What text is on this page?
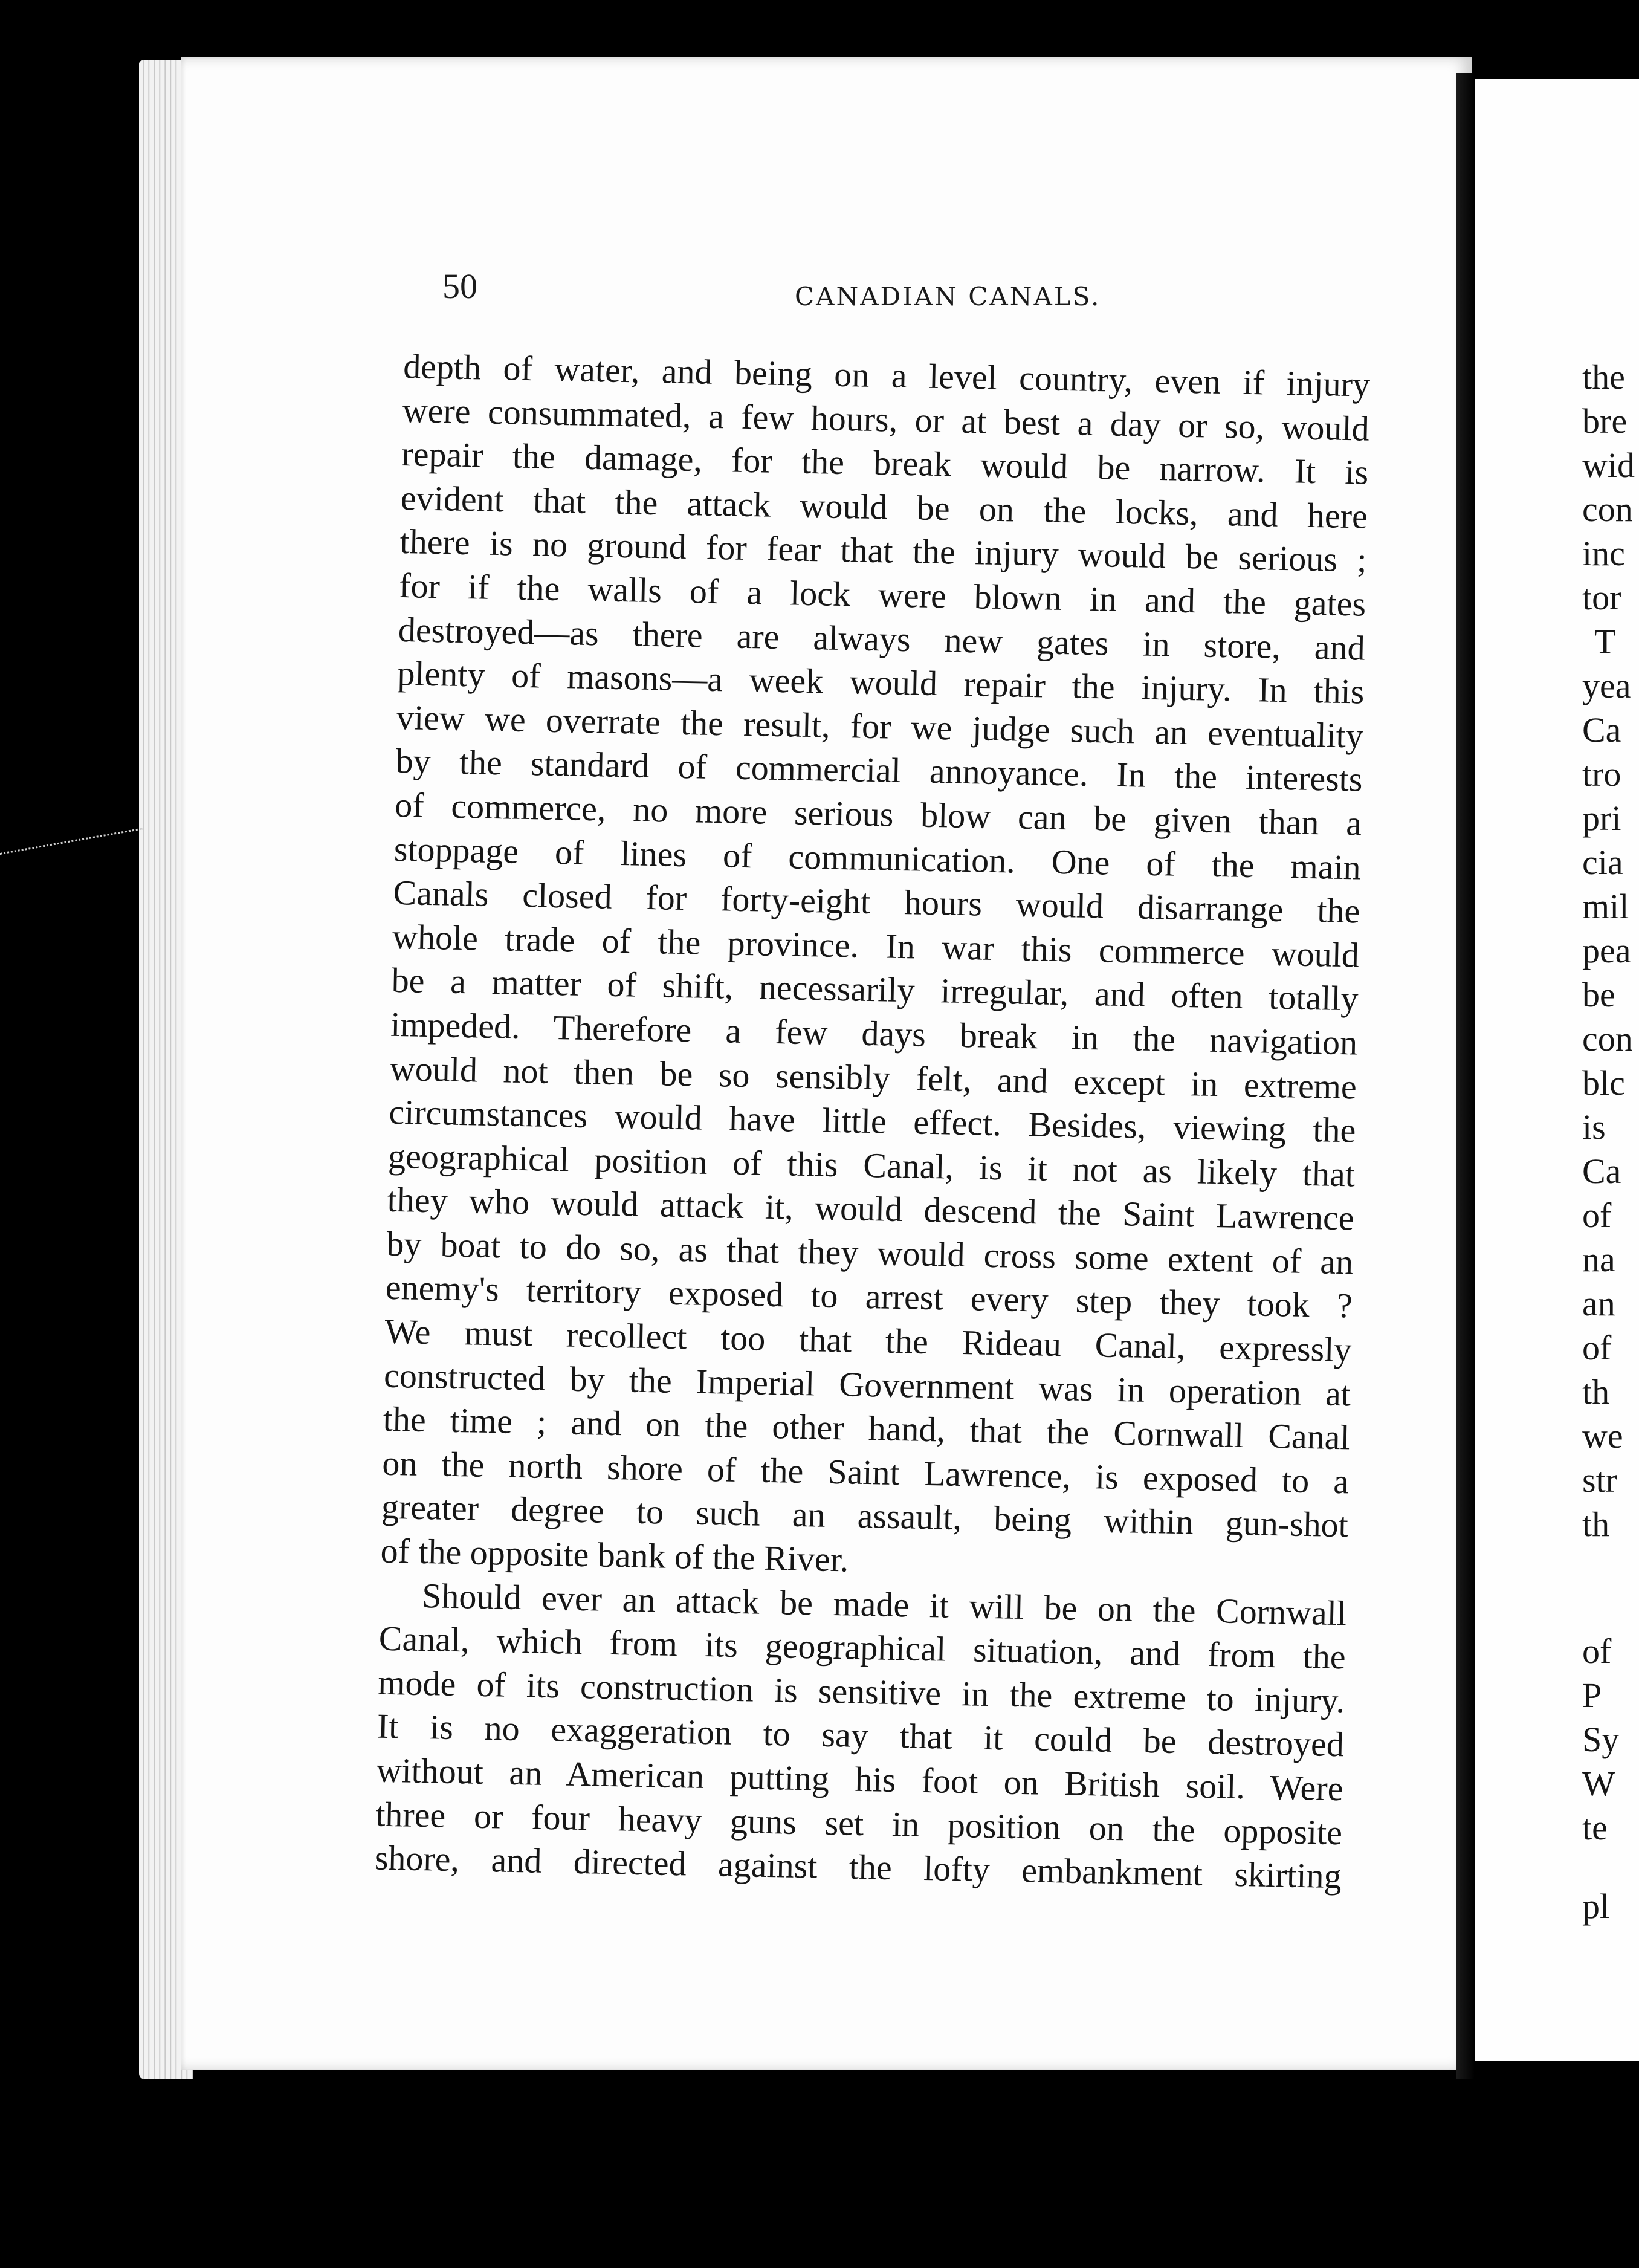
50	CANADIAN CANALS.
depth of water, and being on a level country, even if injury
were consummated, a few hours, or at best a day or so, would
repair the damage, for the break would be narrow. It is
evident that the attack would be on the locks, and here
there is no ground for fear that the injury would be serious ;
for if the walls of a lock were blown in and the gates
destroyed—as there are always new gates in store, and
plenty of masons—a week would repair the injury. In this
view we overrate the result, for we judge such an eventuality
by the standard of commercial annoyance. In the interests
of commerce, no more serious blow can be given than a
stoppage of lines of communication. One of the main
Canals closed for forty-eight hours would disarrange the
whole trade of the province. In war this commerce would
be a matter of shift, necessarily irregular, and often totally
impeded. Therefore a few days break in the navigation
would not then be so sensibly felt, and except in extreme
circumstances would have little effect. Besides, viewing the
geographical position of this Canal, is it not as likely that
they who would attack it, would descend the Saint Lawrence
by boat to do so, as that they would cross some extent of an
enemy's territory exposed to arrest every step they took ?
We must recollect too that the Rideau Canal, expressly
constructed by the Imperial Government was in operation at
the time ; and on the other hand, that the Cornwall Canal
on the north shore of the Saint Lawrence, is exposed to a
greater degree to such an assault, being within gun-shot
of the opposite bank of the River.
Should ever an attack be made it will be on the Cornwall
Canal, which from its geographical situation, and from the
mode of its construction is sensitive in the extreme to injury.
It is no exaggeration to say that it could be destroyed
without an American putting his foot on British soil. Were
three or four heavy guns set in position on the opposite
shore, and directed against the lofty embankment skirting
the
bre
wid
con
inc
tor
T
yea
Ca
tro
pri
cia
mil
pea
be
con
blc
is
Ca
of
na
an
of
th
we
str
th
of
P
Sy
W
te
pl
